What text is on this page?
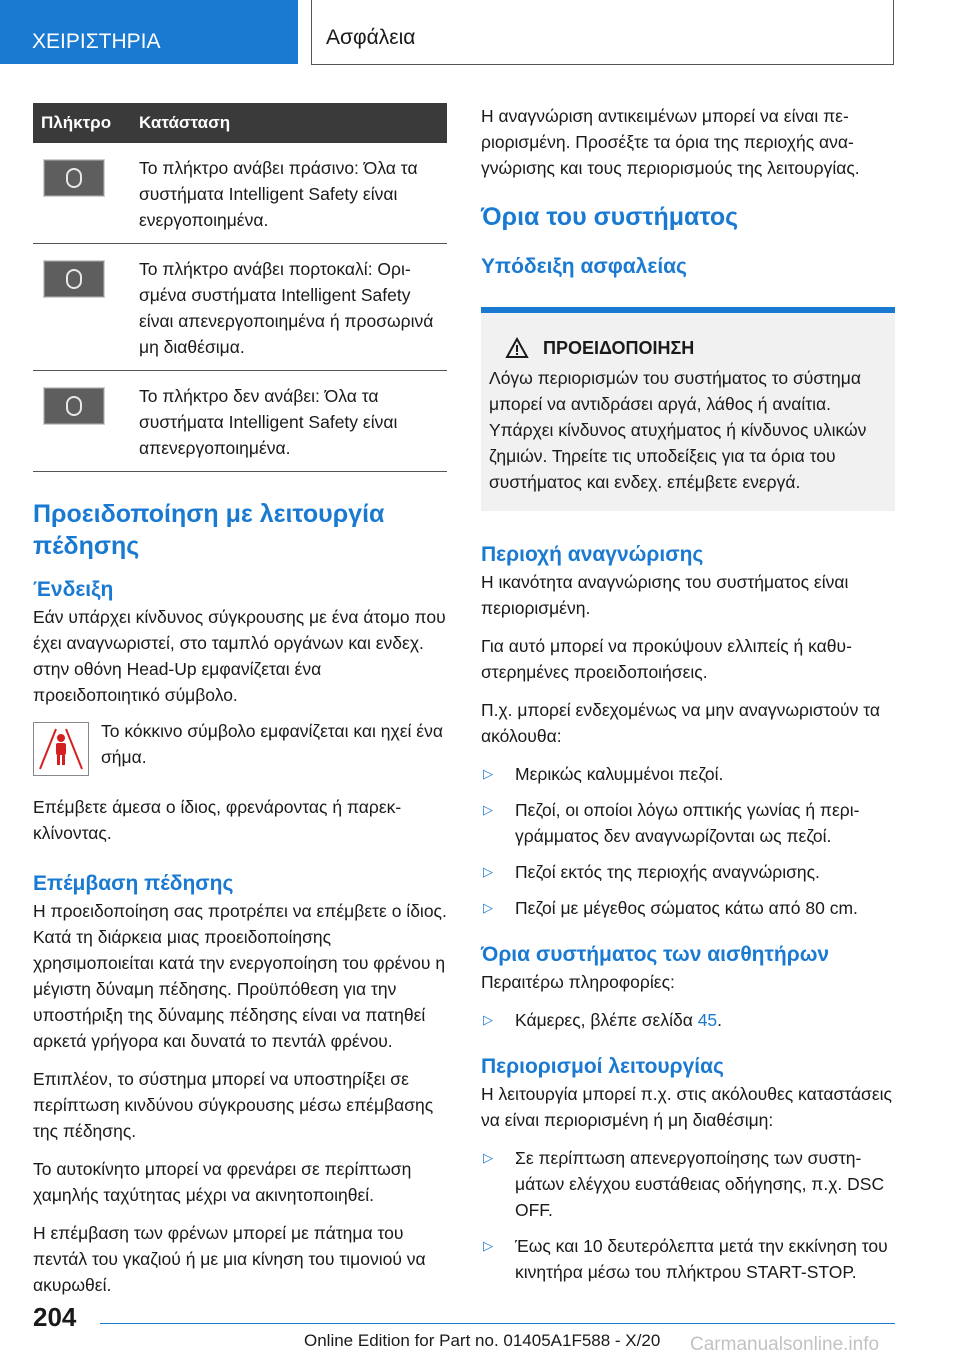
ΧΕΙΡΙΣΤΗΡΙΑ	Ασφάλεια
Πλήκτρο	Κατάσταση

	Το πλήκτρο ανάβει πράσινο: Όλα τα συστήματα Intelligent Safety είναι ενεργοποιημένα.

	Το πλήκτρο ανάβει πορτοκαλί: Ορισμένα συστήματα Intelligent Safety είναι απενεργοποιημένα ή προσωρινά μη διαθέσιμα.

	Το πλήκτρο δεν ανάβει: Όλα τα συστήματα Intelligent Safety είναι απενεργοποιημένα.
Προειδοποίηση με λειτουργία πέδησης
Ένδειξη

Εάν υπάρχει κίνδυνος σύγκρουσης με ένα άτομο που έχει αναγνωριστεί, στο ταμπλό οργάνων και ενδεχ. στην οθόνη Head-Up εμφανίζεται ένα προειδοποιητικό σύμβολο.

Το κόκκινο σύμβολο εμφανίζεται και ηχεί ένα σήμα.

Επέμβετε άμεσα ο ίδιος, φρενάροντας ή παρεκκλίνοντας.

Επέμβαση πέδησης

Η προειδοποίηση σας προτρέπει να επέμβετε ο ίδιος. Κατά τη διάρκεια μιας προειδοποίησης χρησιμοποιείται κατά την ενεργοποίηση του φρένου η μέγιστη δύναμη πέδησης. Προϋπόθεση για την υποστήριξη της δύναμης πέδησης είναι να πατηθεί αρκετά γρήγορα και δυνατά το πεντάλ φρένου.

Επιπλέον, το σύστημα μπορεί να υποστηρίξει σε περίπτωση κινδύνου σύγκρουσης μέσω επέμβασης της πέδησης.

Το αυτοκίνητο μπορεί να φρενάρει σε περίπτωση χαμηλής ταχύτητας μέχρι να ακινητοποιηθεί.

Η επέμβαση των φρένων μπορεί με πάτημα του πεντάλ του γκαζιού ή με μια κίνηση του τιμονιού να ακυρωθεί.

Η αναγνώριση αντικειμένων μπορεί να είναι περιορισμένη. Προσέξτε τα όρια της περιοχής αναγνώρισης και τους περιορισμούς της λειτουργίας.

Όρια του συστήματος
Υπόδειξη ασφαλείας
ΠΡΟΕΙΔΟΠΟΙΗΣΗ

Λόγω περιορισμών του συστήματος το σύστημα μπορεί να αντιδράσει αργά, λάθος ή αναίτια. Υπάρχει κίνδυνος ατυχήματος ή κίνδυνος υλικών ζημιών. Τηρείτε τις υποδείξεις για τα όρια του συστήματος και ενδεχ. επέμβετε ενεργά.

Περιοχή αναγνώρισης

Η ικανότητα αναγνώρισης του συστήματος είναι περιορισμένη.

Για αυτό μπορεί να προκύψουν ελλιπείς ή καθυστερημένες προειδοποιήσεις.

Π.χ. μπορεί ενδεχομένως να μην αναγνωριστούν τα ακόλουθα:

▷ Μερικώς καλυμμένοι πεζοί.
▷ Πεζοί, οι οποίοι λόγω οπτικής γωνίας ή περιγράμματος δεν αναγνωρίζονται ως πεζοί.
▷ Πεζοί εκτός της περιοχής αναγνώρισης.
▷ Πεζοί με μέγεθος σώματος κάτω από 80 cm.
Όρια συστήματος των αισθητήρων

Περαιτέρω πληροφορίες:

▷ Κάμερες, βλέπε σελίδα 45.
Περιορισμοί λειτουργίας

Η λειτουργία μπορεί π.χ. στις ακόλουθες καταστάσεις να είναι περιορισμένη ή μη διαθέσιμη:

▷ Σε περίπτωση απενεργοποίησης των συστημάτων ελέγχου ευστάθειας οδήγησης, π.χ. DSC OFF.
▷ Έως και 10 δευτερόλεπτα μετά την εκκίνηση του κινητήρα μέσω του πλήκτρου START-STOP.
204
Online Edition for Part no. 01405A1F588 - X/20 Carmanualsonline.info
